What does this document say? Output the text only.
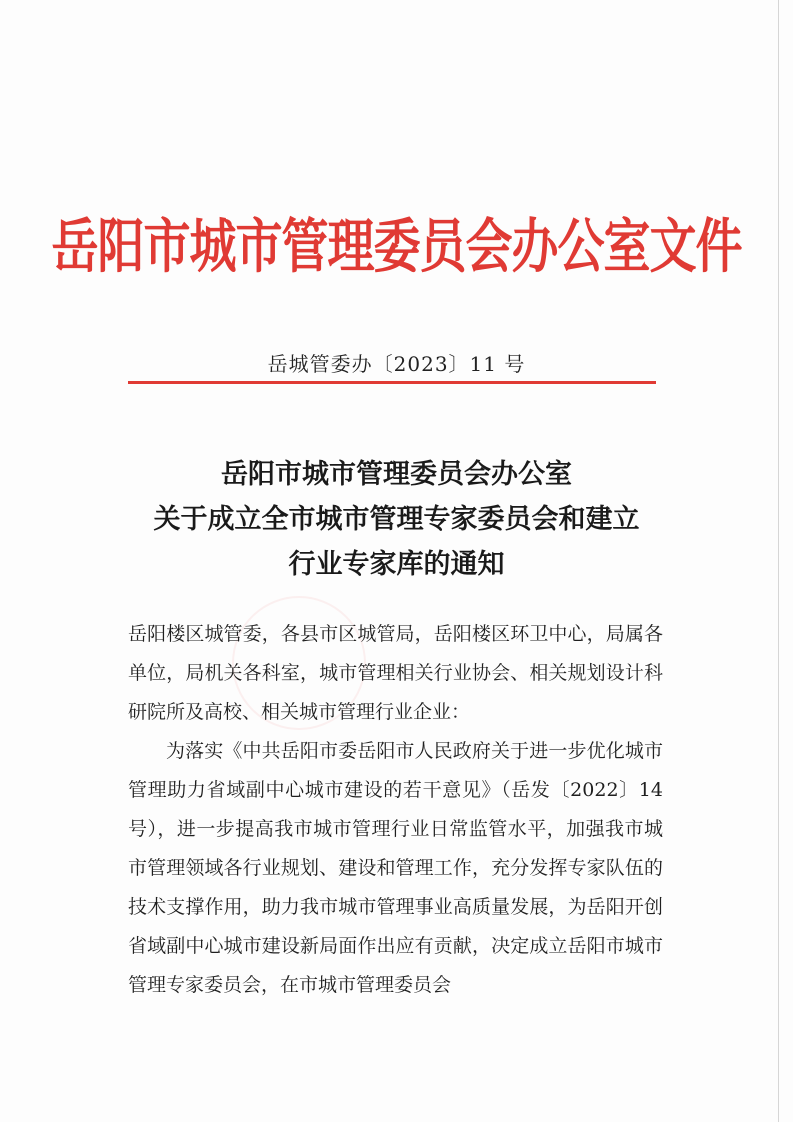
岳阳市城市管理委员会办公室文件
岳城管委办〔2023〕11 号
岳阳市城市管理委员会办公室
关于成立全市城市管理专家委员会和建立
行业专家库的通知

岳阳楼区城管委，各县市区城管局，岳阳楼区环卫中心，局属各单位，局机关各科室，城市管理相关行业协会、相关规划设计科研院所及高校、相关城市管理行业企业：

为落实《中共岳阳市委岳阳市人民政府关于进一步优化城市管理助力省域副中心城市建设的若干意见》（岳发〔2022〕14 号），进一步提高我市城市管理行业日常监管水平，加强我市城市管理领域各行业规划、建设和管理工作，充分发挥专家队伍的技术支撑作用，助力我市城市管理事业高质量发展，为岳阳开创省域副中心城市建设新局面作出应有贡献，决定成立岳阳市城市管理专家委员会，在市城市管理委员会
